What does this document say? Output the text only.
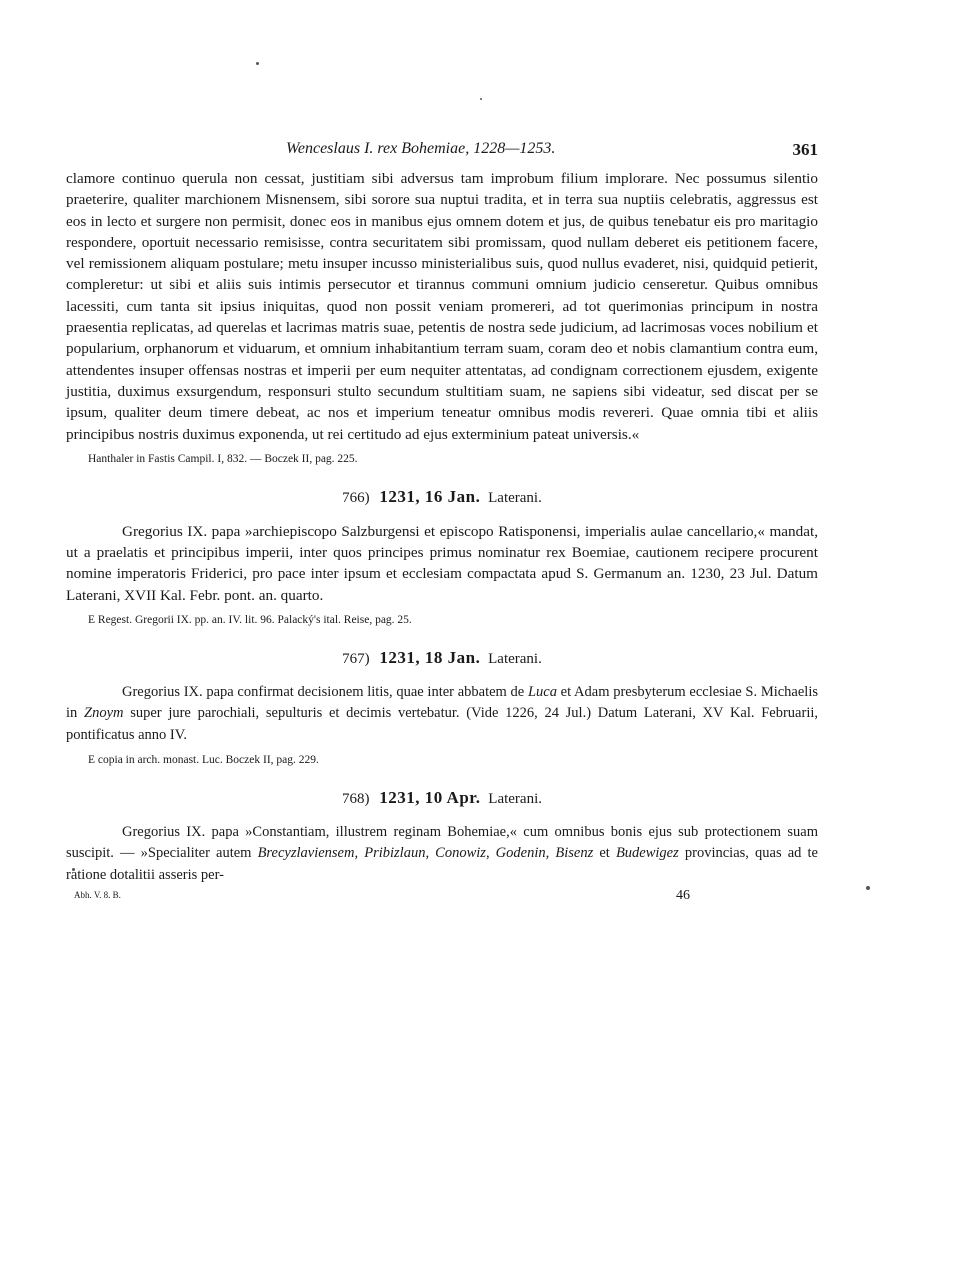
Wenceslaus I. rex Bohemiae, 1228—1253.	361

clamore continuo querula non cessat, justitiam sibi adversus tam improbum filium implorare. Nec possumus silentio praeterire, qualiter marchionem Misnensem, sibi sorore sua nuptui tradita, et in terra sua nuptiis celebratis, aggressus est eos in lecto et surgere non permisit, donec eos in manibus ejus omnem dotem et jus, de quibus tenebatur eis pro maritagio respondere, oportuit necessario remisisse, contra securitatem sibi promissam, quod nullam deberet eis petitionem facere, vel remissionem aliquam postulare; metu insuper incusso ministerialibus suis, quod nullus evaderet, nisi, quidquid petierit, compleretur: ut sibi et aliis suis intimis persecutor et tirannus communi omnium judicio censeretur. Quibus omnibus lacessiti, cum tanta sit ipsius iniquitas, quod non possit veniam promereri, ad tot querimonias principum in nostra praesentia replicatas, ad querelas et lacrimas matris suae, petentis de nostra sede judicium, ad lacrimosas voces nobilium et popularium, orphanorum et viduarum, et omnium inhabitantium terram suam, coram deo et nobis clamantium contra eum, attendentes insuper offensas nostras et imperii per eum nequiter attentatas, ad condignam correctionem ejusdem, exigente justitia, duximus exsurgendum, responsuri stulto secundum stultitiam suam, ne sapiens sibi videatur, sed discat per se ipsum, qualiter deum timere debeat, ac nos et imperium teneatur omnibus modis revereri. Quae omnia tibi et aliis principibus nostris duximus exponenda, ut rei certitudo ad ejus exterminium pateat universis.«

Hanthaler in Fastis Campil. I, 832. — Boczek II, pag. 225.
766) 1231, 16 Jan. Laterani.

Gregorius IX. papa »archiepiscopo Salzburgensi et episcopo Ratisponensi, imperialis aulae cancellario,« mandat, ut a praelatis et principibus imperii, inter quos principes primus nominatur rex Boemiae, cautionem recipere procurent nomine imperatoris Friderici, pro pace inter ipsum et ecclesiam compactata apud S. Germanum an. 1230, 23 Jul. Datum Laterani, XVII Kal. Febr. pont. an. quarto.

E Regest. Gregorii IX. pp. an. IV. lit. 96. Palacký's ital. Reise, pag. 25.
767) 1231, 18 Jan. Laterani.

Gregorius IX. papa confirmat decisionem litis, quae inter abbatem de Luca et Adam presbyterum ecclesiae S. Michaelis in Znoym super jure parochiali, sepulturis et decimis vertebatur. (Vide 1226, 24 Jul.) Datum Laterani, XV Kal. Februarii, pontificatus anno IV.

E copia in arch. monast. Luc. Boczek II, pag. 229.
768) 1231, 10 Apr. Laterani.

Gregorius IX. papa »Constantiam, illustrem reginam Bohemiae,« cum omnibus bonis ejus sub protectionem suam suscipit. — »Specialiter autem Brecyzlaviensem, Pribizlaun, Conowiz, Godenin, Bisenz et Budewigez provincias, quas ad te ratione dotalitii asseris per-

Abh. V. 8. B.	46
